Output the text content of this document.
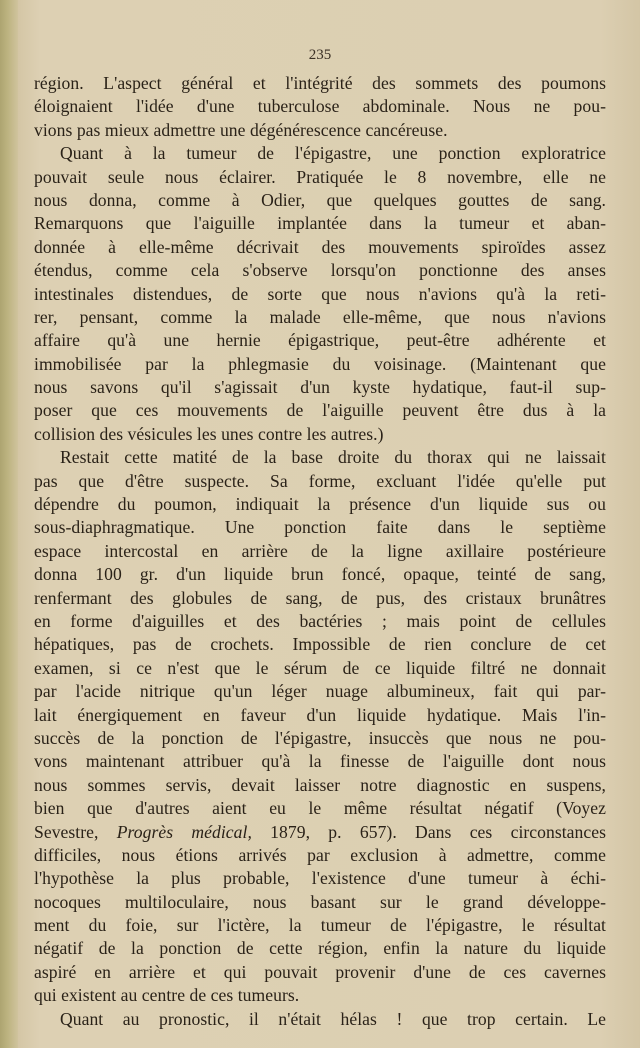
235
région. L'aspect général et l'intégrité des sommets des poumons
éloignaient l'idée d'une tuberculose abdominale. Nous ne pou-
vions pas mieux admettre une dégénérescence cancéreuse.
Quant à la tumeur de l'épigastre, une ponction exploratrice
pouvait seule nous éclairer. Pratiquée le 8 novembre, elle ne
nous donna, comme à Odier, que quelques gouttes de sang.
Remarquons que l'aiguille implantée dans la tumeur et aban-
donnée à elle-même décrivait des mouvements spiroïdes assez
étendus, comme cela s'observe lorsqu'on ponctionne des anses
intestinales distendues, de sorte que nous n'avions qu'à la reti-
rer, pensant, comme la malade elle-même, que nous n'avions
affaire qu'à une hernie épigastrique, peut-être adhérente et
immobilisée par la phlegmasie du voisinage. (Maintenant que
nous savons qu'il s'agissait d'un kyste hydatique, faut-il sup-
poser que ces mouvements de l'aiguille peuvent être dus à la
collision des vésicules les unes contre les autres.)
Restait cette matité de la base droite du thorax qui ne laissait
pas que d'être suspecte. Sa forme, excluant l'idée qu'elle put
dépendre du poumon, indiquait la présence d'un liquide sus ou
sous-diaphragmatique. Une ponction faite dans le septième
espace intercostal en arrière de la ligne axillaire postérieure
donna 100 gr. d'un liquide brun foncé, opaque, teinté de sang,
renfermant des globules de sang, de pus, des cristaux brunâtres
en forme d'aiguilles et des bactéries ; mais point de cellules
hépatiques, pas de crochets. Impossible de rien conclure de cet
examen, si ce n'est que le sérum de ce liquide filtré ne donnait
par l'acide nitrique qu'un léger nuage albumineux, fait qui par-
lait énergiquement en faveur d'un liquide hydatique. Mais l'in-
succès de la ponction de l'épigastre, insuccès que nous ne pou-
vons maintenant attribuer qu'à la finesse de l'aiguille dont nous
nous sommes servis, devait laisser notre diagnostic en suspens,
bien que d'autres aient eu le même résultat négatif (Voyez
Sevestre, Progrès médical, 1879, p. 657). Dans ces circonstances
difficiles, nous étions arrivés par exclusion à admettre, comme
l'hypothèse la plus probable, l'existence d'une tumeur à échi-
nocoques multiloculaire, nous basant sur le grand développe-
ment du foie, sur l'ictère, la tumeur de l'épigastre, le résultat
négatif de la ponction de cette région, enfin la nature du liquide
aspiré en arrière et qui pouvait provenir d'une de ces cavernes
qui existent au centre de ces tumeurs.
Quant au pronostic, il n'était hélas ! que trop certain. Le
